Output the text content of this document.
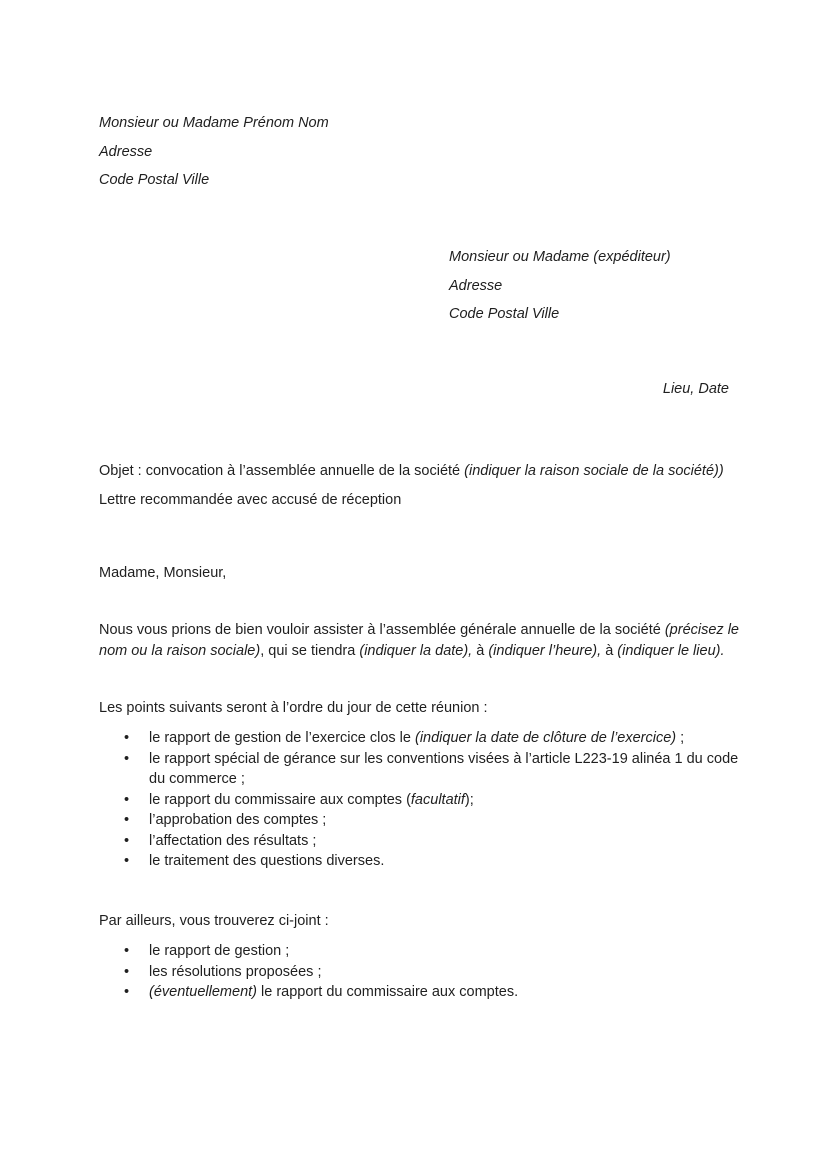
Monsieur ou Madame Prénom Nom
Adresse
Code Postal Ville
Monsieur ou Madame (expéditeur)
Adresse
Code Postal Ville
Lieu, Date
Objet : convocation à l’assemblée annuelle de la société (indiquer la raison sociale de la société))
Lettre recommandée avec accusé de réception
Madame, Monsieur,
Nous vous prions de bien vouloir assister à l’assemblée générale annuelle de la société (précisez le nom ou la raison sociale), qui se tiendra (indiquer la date), à (indiquer l’heure), à (indiquer le lieu).
Les points suivants seront à l’ordre du jour de cette réunion :
• le rapport de gestion de l’exercice clos le (indiquer la date de clôture de l’exercice) ;
• le rapport spécial de gérance sur les conventions visées à l’article L223-19 alinéa 1 du code du commerce ;
• le rapport du commissaire aux comptes (facultatif);
• l’approbation des comptes ;
• l’affectation des résultats ;
• le traitement des questions diverses.
Par ailleurs, vous trouverez ci-joint :
• le rapport de gestion ;
• les résolutions proposées ;
• (éventuellement) le rapport du commissaire aux comptes.
